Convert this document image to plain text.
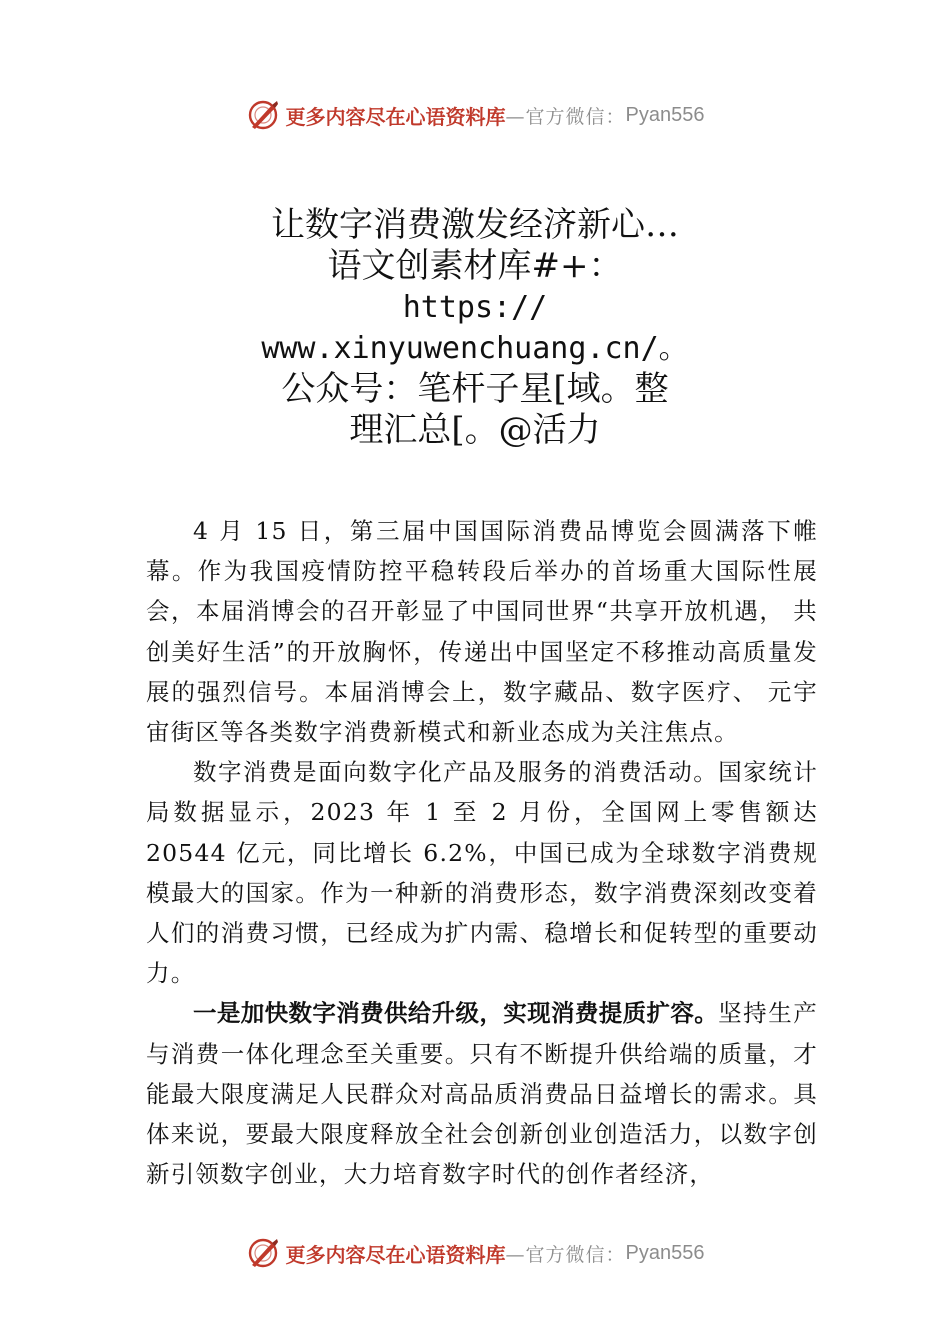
更多内容尽在心语资料库 —官方微信： Pyan556
让数字消费激发经济新心…
语文创素材库#+：
https://
www.xinyuwenchuang.cn/。
公众号：笔杆子星[域。整
理汇总[。@活力

4 月 15 日，第三届中国国际消费品博览会圆满落下帷幕。作为我国疫情防控平稳转段后举办的首场重大国际性展会，本届消博会的召开彰显了中国同世界“共享开放机遇， 共创美好生活”的开放胸怀，传递出中国坚定不移推动高质量发展的强烈信号。本届消博会上，数字藏品、数字医疗、 元宇宙街区等各类数字消费新模式和新业态成为关注焦点。

数字消费是面向数字化产品及服务的消费活动。国家统计局数据显示，2023 年 1 至 2 月份，全国网上零售额达 20544 亿元，同比增长 6.2%，中国已成为全球数字消费规模最大的国家。作为一种新的消费形态，数字消费深刻改变着人们的消费习惯，已经成为扩内需、稳增长和促转型的重要动力。

一是加快数字消费供给升级，实现消费提质扩容。坚持生产与消费一体化理念至关重要。只有不断提升供给端的质量，才能最大限度满足人民群众对高品质消费品日益增长的需求。具体来说，要最大限度释放全社会创新创业创造活力，以数字创新引领数字创业，大力培育数字时代的创作者经济，

更多内容尽在心语资料库 —官方微信： Pyan556
